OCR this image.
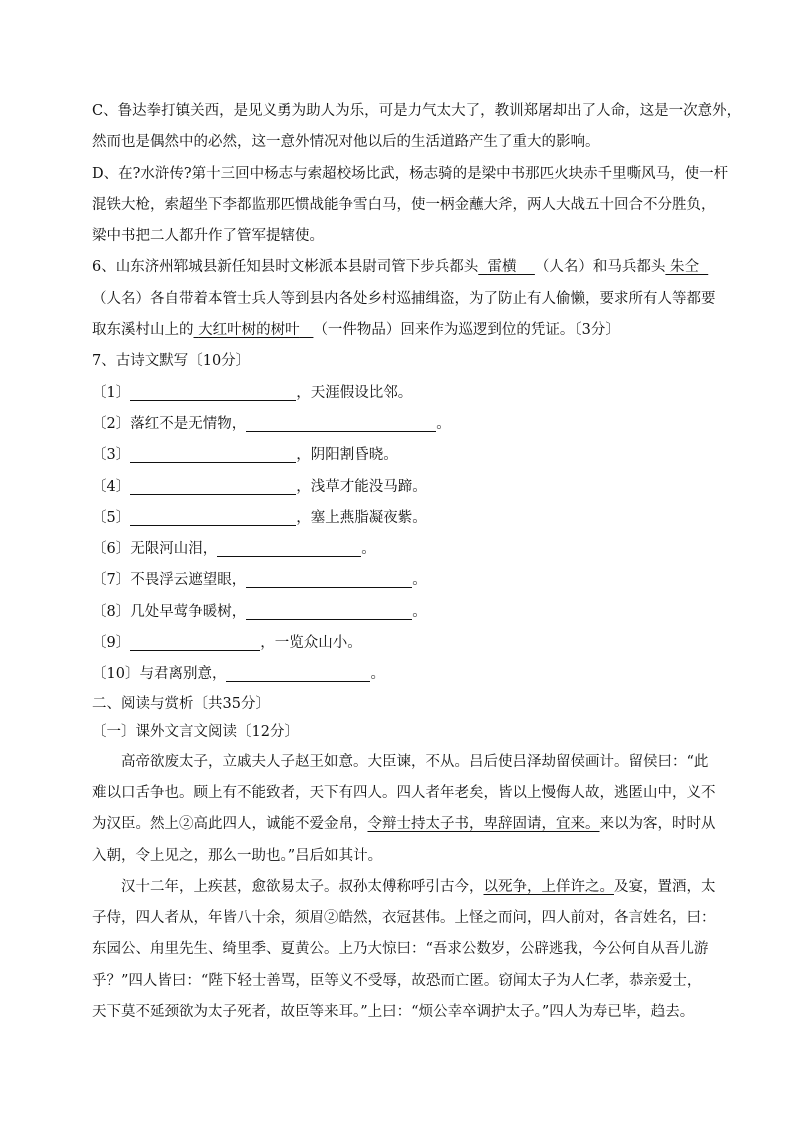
C、鲁达拳打镇关西，是见义勇为助人为乐，可是力气太大了，教训郑屠却出了人命，这是一次意外，
然而也是偶然中的必然，这一意外情况对他以后的生活道路产生了重大的影响。
D、在?水浒传?第十三回中杨志与索超校场比武，杨志骑的是梁中书那匹火块赤千里嘶风马，使一杆
混铁大枪，索超坐下李都监那匹惯战能争雪白马，使一柄金蘸大斧，两人大战五十回合不分胜负，
梁中书把二人都升作了管军提辖使。
6、山东济州郓城县新任知县时文彬派本县尉司管下步兵都头 雷横 （人名）和马兵都头 朱仝
（人名）各自带着本管士兵人等到县内各处乡村巡捕缉盗，为了防止有人偷懒，要求所有人等都要
取东溪村山上的 大红叶树的树叶 （一件物品）回来作为巡逻到位的凭证。〔3分〕
7、古诗文默写〔10分〕
〔1〕	，天涯假设比邻。
〔2〕落红不是无情物，	。
〔3〕	，阴阳割昏晓。
〔4〕	，浅草才能没马蹄。
〔5〕	，塞上燕脂凝夜紫。
〔6〕无限河山泪，	。
〔7〕不畏浮云遮望眼，	。
〔8〕几处早莺争暖树，	。
〔9〕	，一览众山小。
〔10〕与君离别意，	。
二、阅读与赏析〔共35分〕
〔一〕课外文言文阅读〔12分〕
高帝欲废太子，立戚夫人子赵王如意。大臣谏，不从。吕后使吕泽劫留侯画计。留侯曰：“此
难以口舌争也。顾上有不能致者，天下有四人。四人者年老矣，皆以上慢侮人故，逃匿山中，义不
为汉臣。然上②高此四人，诚能不爱金帛，令辩士持太子书，卑辞固请，宜来。来以为客，时时从
入朝，令上见之，那么一助也。”吕后如其计。
汉十二年，上疾甚，愈欲易太子。叔孙太傅称呼引古今，以死争，上佯许之。及宴，置酒，太
子侍，四人者从，年皆八十余，须眉②皓然，衣冠甚伟。上怪之而问，四人前对，各言姓名，曰：
东园公、甪里先生、绮里季、夏黄公。上乃大惊曰：“吾求公数岁，公辟逃我，今公何自从吾儿游
乎？”四人皆曰：“陛下轻士善骂，臣等义不受辱，故恐而亡匿。窃闻太子为人仁孝，恭亲爱士，
天下莫不延颈欲为太子死者，故臣等来耳。”上曰：“烦公幸卒调护太子。”四人为寿已毕，趋去。
